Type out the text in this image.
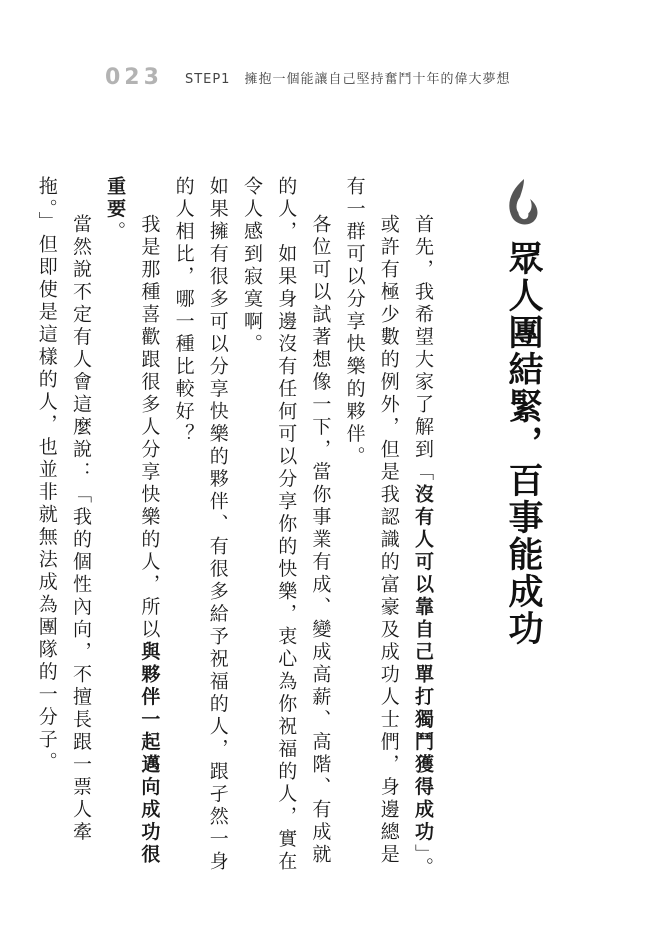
023 STEP1　擁抱一個能讓自己堅持奮鬥十年的偉大夢想
眾人團結緊，百事能成功

首先，我希望大家了解到「沒有人可以靠自己單打獨鬥獲得成功」。

或許有極少數的例外，但是我認識的富豪及成功人士們，身邊總是有一群可以分享快樂的夥伴。

各位可以試著想像一下，當你事業有成、變成高薪、高階、有成就的人，如果身邊沒有任何可以分享你的快樂，衷心為你祝福的人，實在令人感到寂寞啊。

如果擁有很多可以分享快樂的夥伴、有很多給予祝福的人，跟孑然一身的人相比，哪一種比較好？

我是那種喜歡跟很多人分享快樂的人，所以與夥伴一起邁向成功很重要。

當然說不定有人會這麼說：「我的個性內向，不擅長跟一票人牽拖。」但即使是這樣的人，也並非就無法成為團隊的一分子。
